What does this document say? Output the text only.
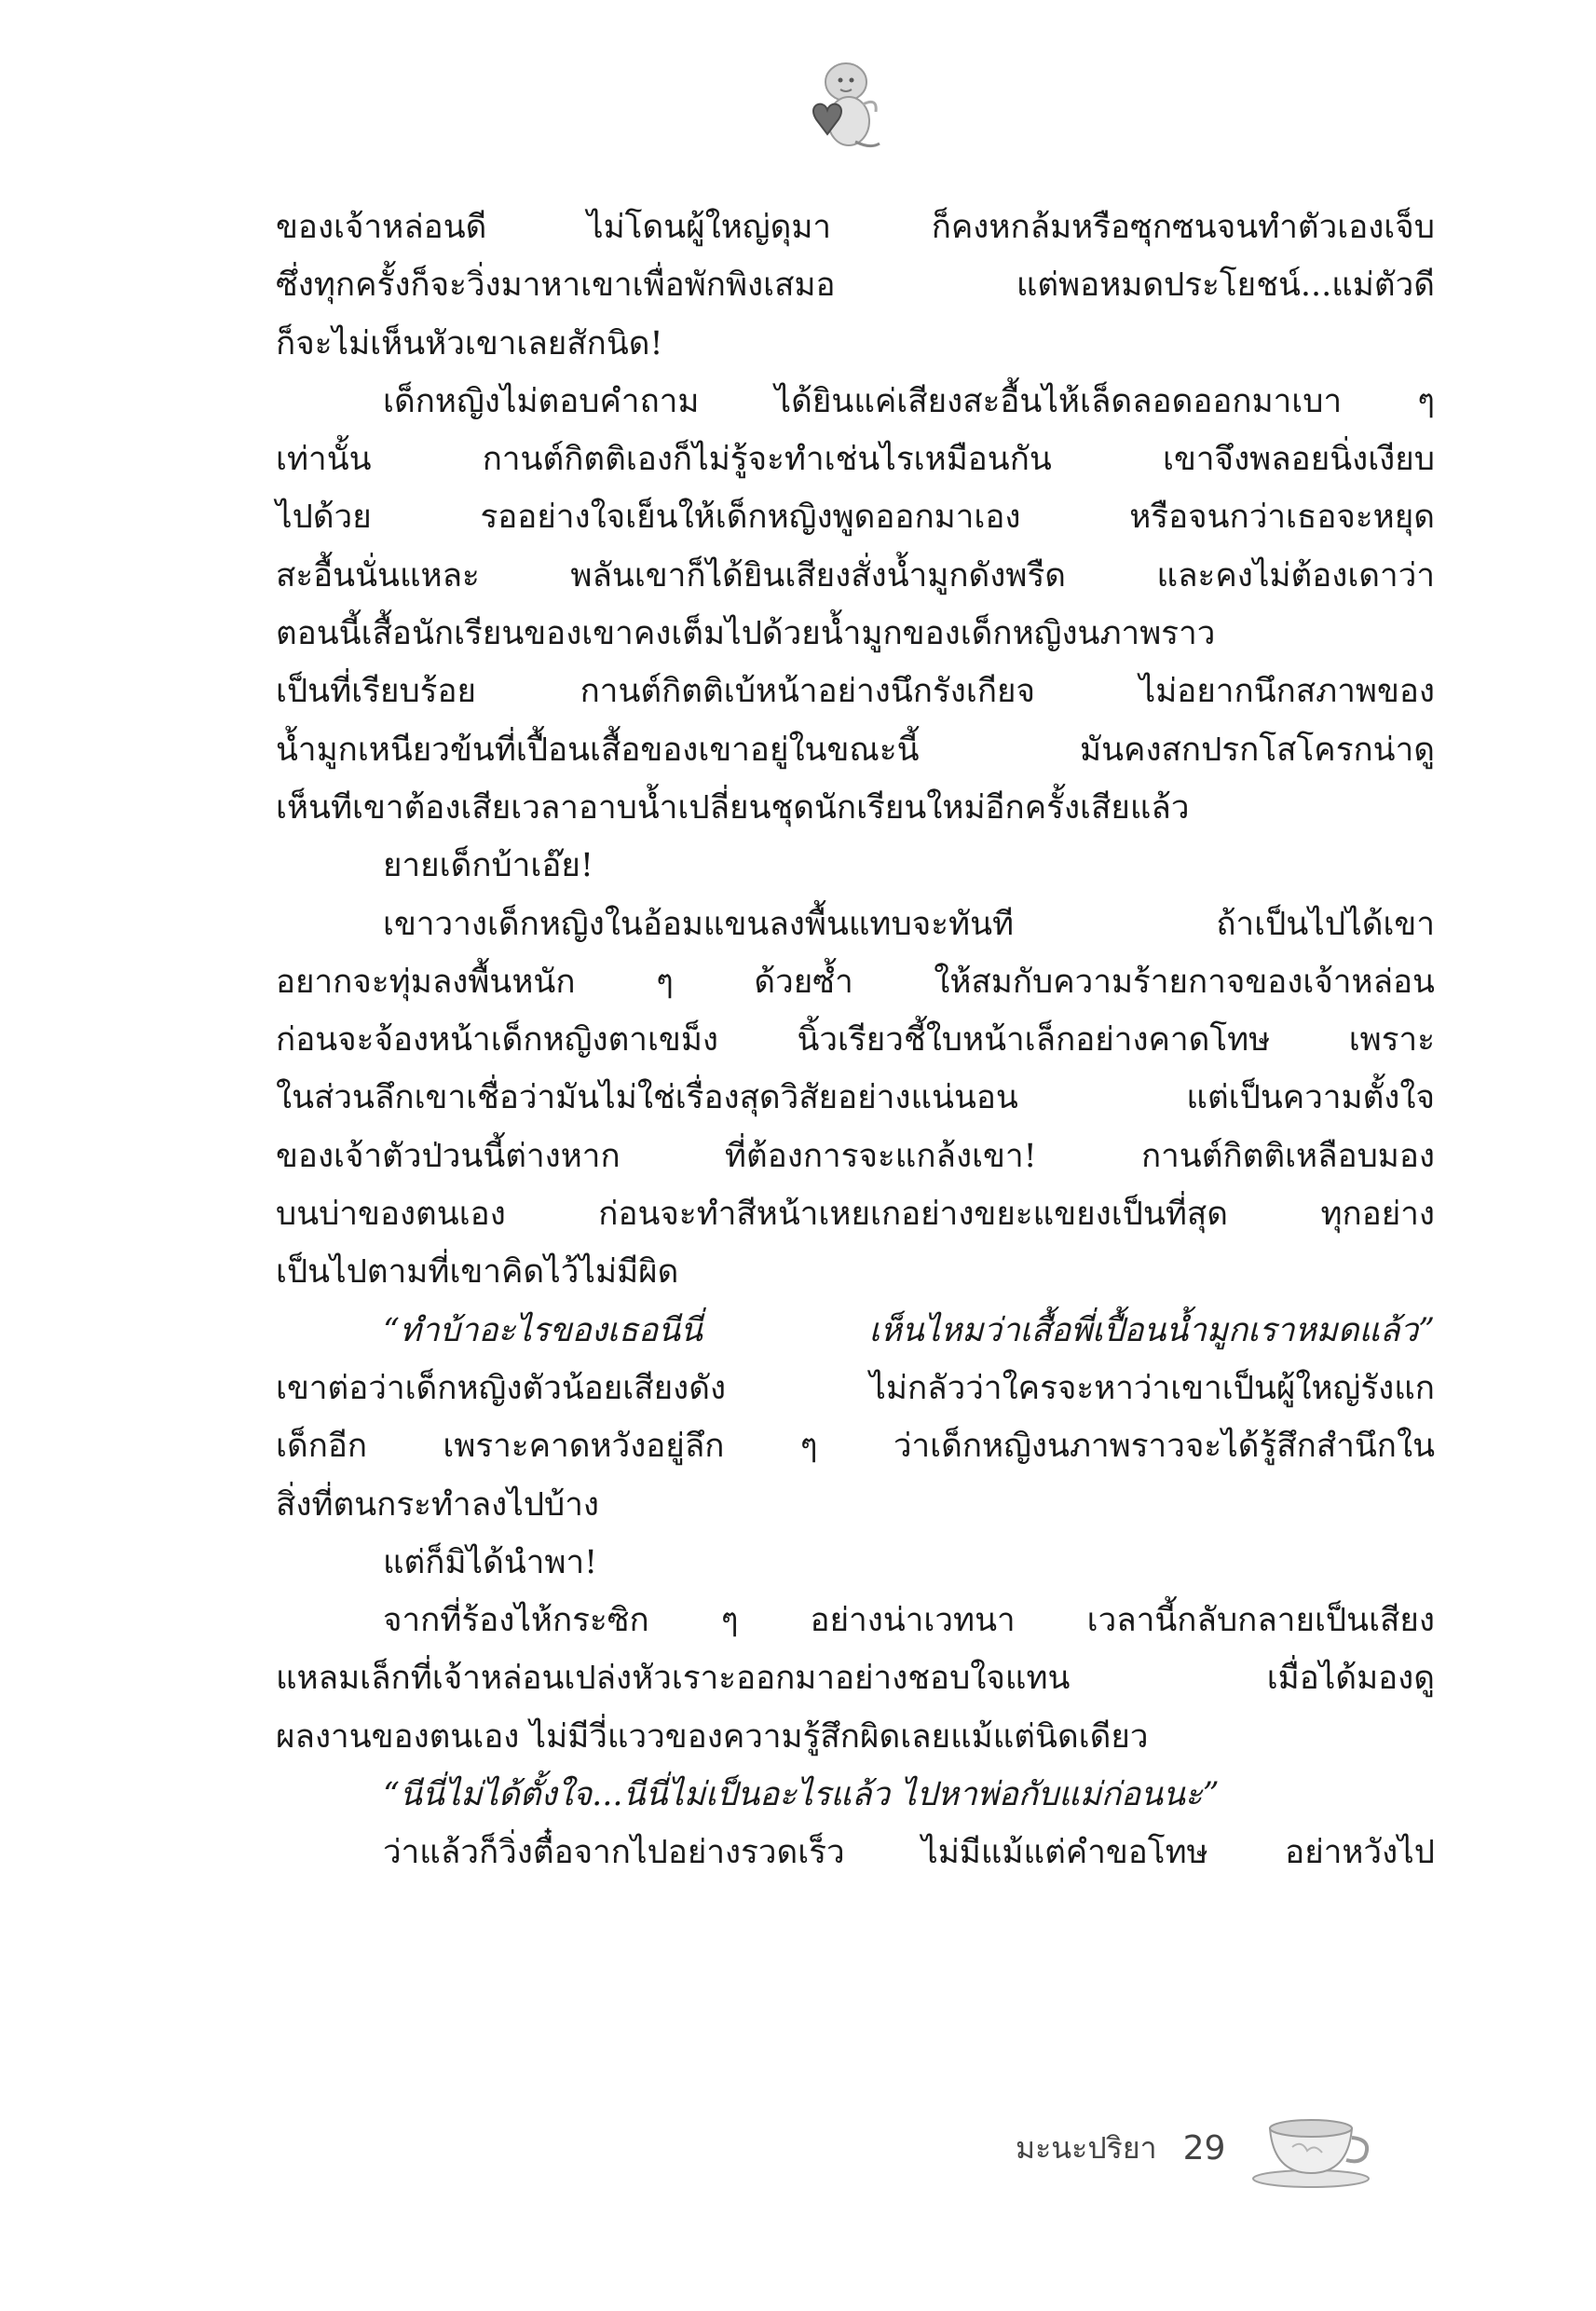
ของเจ้าหล่อนดี ไม่โดนผู้ใหญ่ดุมา ก็คงหกล้มหรือซุกซนจนทำตัวเองเจ็บ
ซึ่งทุกครั้งก็จะวิ่งมาหาเขาเพื่อพักพิงเสมอ แต่พอหมดประโยชน์...แม่ตัวดี
ก็จะไม่เห็นหัวเขาเลยสักนิด!
เด็กหญิงไม่ตอบคำถาม ได้ยินแค่เสียงสะอื้นไห้เล็ดลอดออกมาเบา ๆ
เท่านั้น กานต์กิตติเองก็ไม่รู้จะทำเช่นไรเหมือนกัน เขาจึงพลอยนิ่งเงียบ
ไปด้วย รออย่างใจเย็นให้เด็กหญิงพูดออกมาเอง หรือจนกว่าเธอจะหยุด
สะอื้นนั่นแหละ พลันเขาก็ได้ยินเสียงสั่งน้ำมูกดังพรืด และคงไม่ต้องเดาว่า
ตอนนี้เสื้อนักเรียนของเขาคงเต็มไปด้วยน้ำมูกของเด็กหญิงนภาพราว
เป็นที่เรียบร้อย กานต์กิตติเบ้หน้าอย่างนึกรังเกียจ ไม่อยากนึกสภาพของ
น้ำมูกเหนียวข้นที่เปื้อนเสื้อของเขาอยู่ในขณะนี้ มันคงสกปรกโสโครกน่าดู
เห็นทีเขาต้องเสียเวลาอาบน้ำเปลี่ยนชุดนักเรียนใหม่อีกครั้งเสียแล้ว
ยายเด็กบ้าเอ๊ย!
เขาวางเด็กหญิงในอ้อมแขนลงพื้นแทบจะทันที ถ้าเป็นไปได้เขา
อยากจะทุ่มลงพื้นหนัก ๆ ด้วยซ้ำ ให้สมกับความร้ายกาจของเจ้าหล่อน
ก่อนจะจ้องหน้าเด็กหญิงตาเขม็ง นิ้วเรียวชี้ใบหน้าเล็กอย่างคาดโทษ เพราะ
ในส่วนลึกเขาเชื่อว่ามันไม่ใช่เรื่องสุดวิสัยอย่างแน่นอน แต่เป็นความตั้งใจ
ของเจ้าตัวป่วนนี้ต่างหาก ที่ต้องการจะแกล้งเขา! กานต์กิตติเหลือบมอง
บนบ่าของตนเอง ก่อนจะทำสีหน้าเหยเกอย่างขยะแขยงเป็นที่สุด ทุกอย่าง
เป็นไปตามที่เขาคิดไว้ไม่มีผิด
“ทำบ้าอะไรของเธอนีนี่ เห็นไหมว่าเสื้อพี่เปื้อนน้ำมูกเราหมดแล้ว”
เขาต่อว่าเด็กหญิงตัวน้อยเสียงดัง ไม่กลัวว่าใครจะหาว่าเขาเป็นผู้ใหญ่รังแก
เด็กอีก เพราะคาดหวังอยู่ลึก ๆ ว่าเด็กหญิงนภาพราวจะได้รู้สึกสำนึกใน
สิ่งที่ตนกระทำลงไปบ้าง
แต่ก็มิได้นำพา!
จากที่ร้องไห้กระซิก ๆ อย่างน่าเวทนา เวลานี้กลับกลายเป็นเสียง
แหลมเล็กที่เจ้าหล่อนเปล่งหัวเราะออกมาอย่างชอบใจแทน เมื่อได้มองดู
ผลงานของตนเอง ไม่มีวี่แววของความรู้สึกผิดเลยแม้แต่นิดเดียว
“นีนี่ไม่ได้ตั้งใจ...นีนี่ไม่เป็นอะไรแล้ว ไปหาพ่อกับแม่ก่อนนะ”
ว่าแล้วก็วิ่งตื๋อจากไปอย่างรวดเร็ว ไม่มีแม้แต่คำขอโทษ อย่าหวังไป
มะนะปริยา 29
